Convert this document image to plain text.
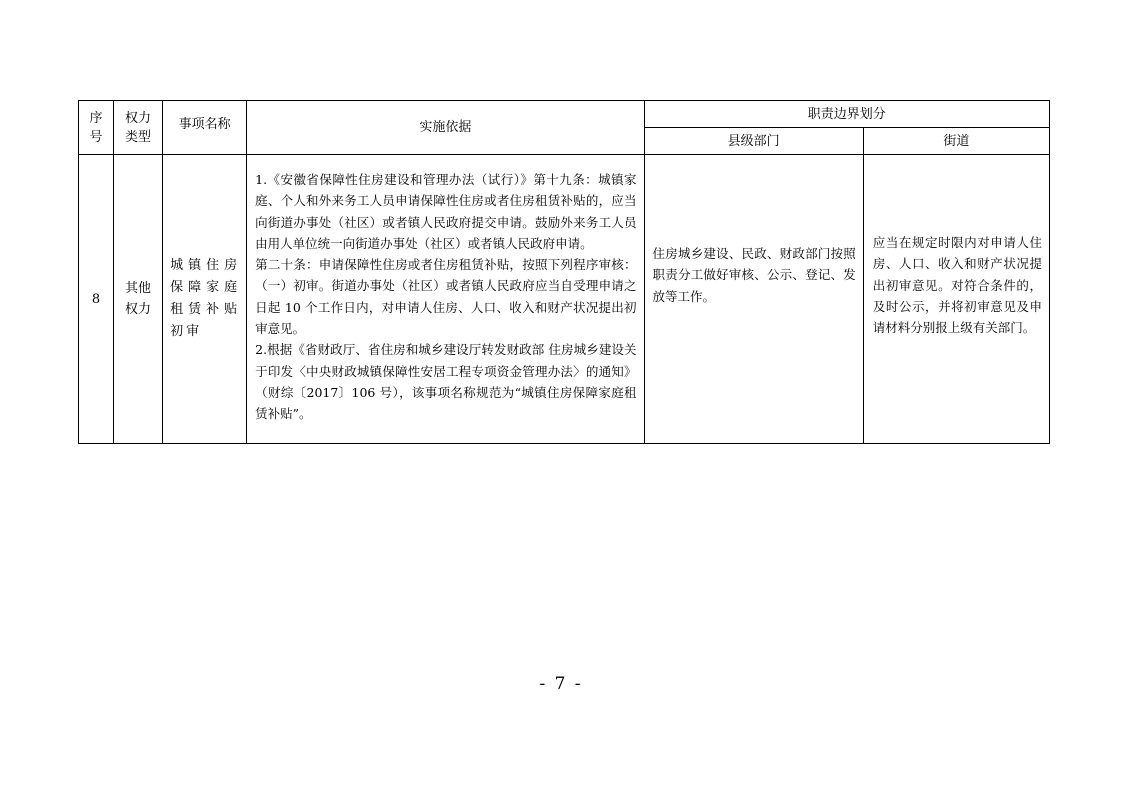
序号	权力类型	事项名称	实施依据	职责边界划分	
				县级部门	街道
8	其他权力	城镇住房保障家庭租赁补贴初审	1.《安徽省保障性住房建设和管理办法（试行）》第十九条：城镇家庭、个人和外来务工人员申请保障性住房或者住房租赁补贴的，应当向街道办事处（社区）或者镇人民政府提交申请。鼓励外来务工人员由用人单位统一向街道办事处（社区）或者镇人民政府申请。

第二十条：申请保障性住房或者住房租赁补贴，按照下列程序审核：（一）初审。街道办事处（社区）或者镇人民政府应当自受理申请之日起 10 个工作日内，对申请人住房、人口、收入和财产状况提出初审意见。

2.根据《省财政厅、省住房和城乡建设厅转发财政部 住房城乡建设关于印发〈中央财政城镇保障性安居工程专项资金管理办法〉的通知》（财综〔2017〕106 号），该事项名称规范为“城镇住房保障家庭租赁补贴”。	住房城乡建设、民政、财政部门按照职责分工做好审核、公示、登记、发放等工作。	应当在规定时限内对申请人住房、人口、收入和财产状况提出初审意见。对符合条件的，及时公示，并将初审意见及申请材料分别报上级有关部门。
- 7 -
